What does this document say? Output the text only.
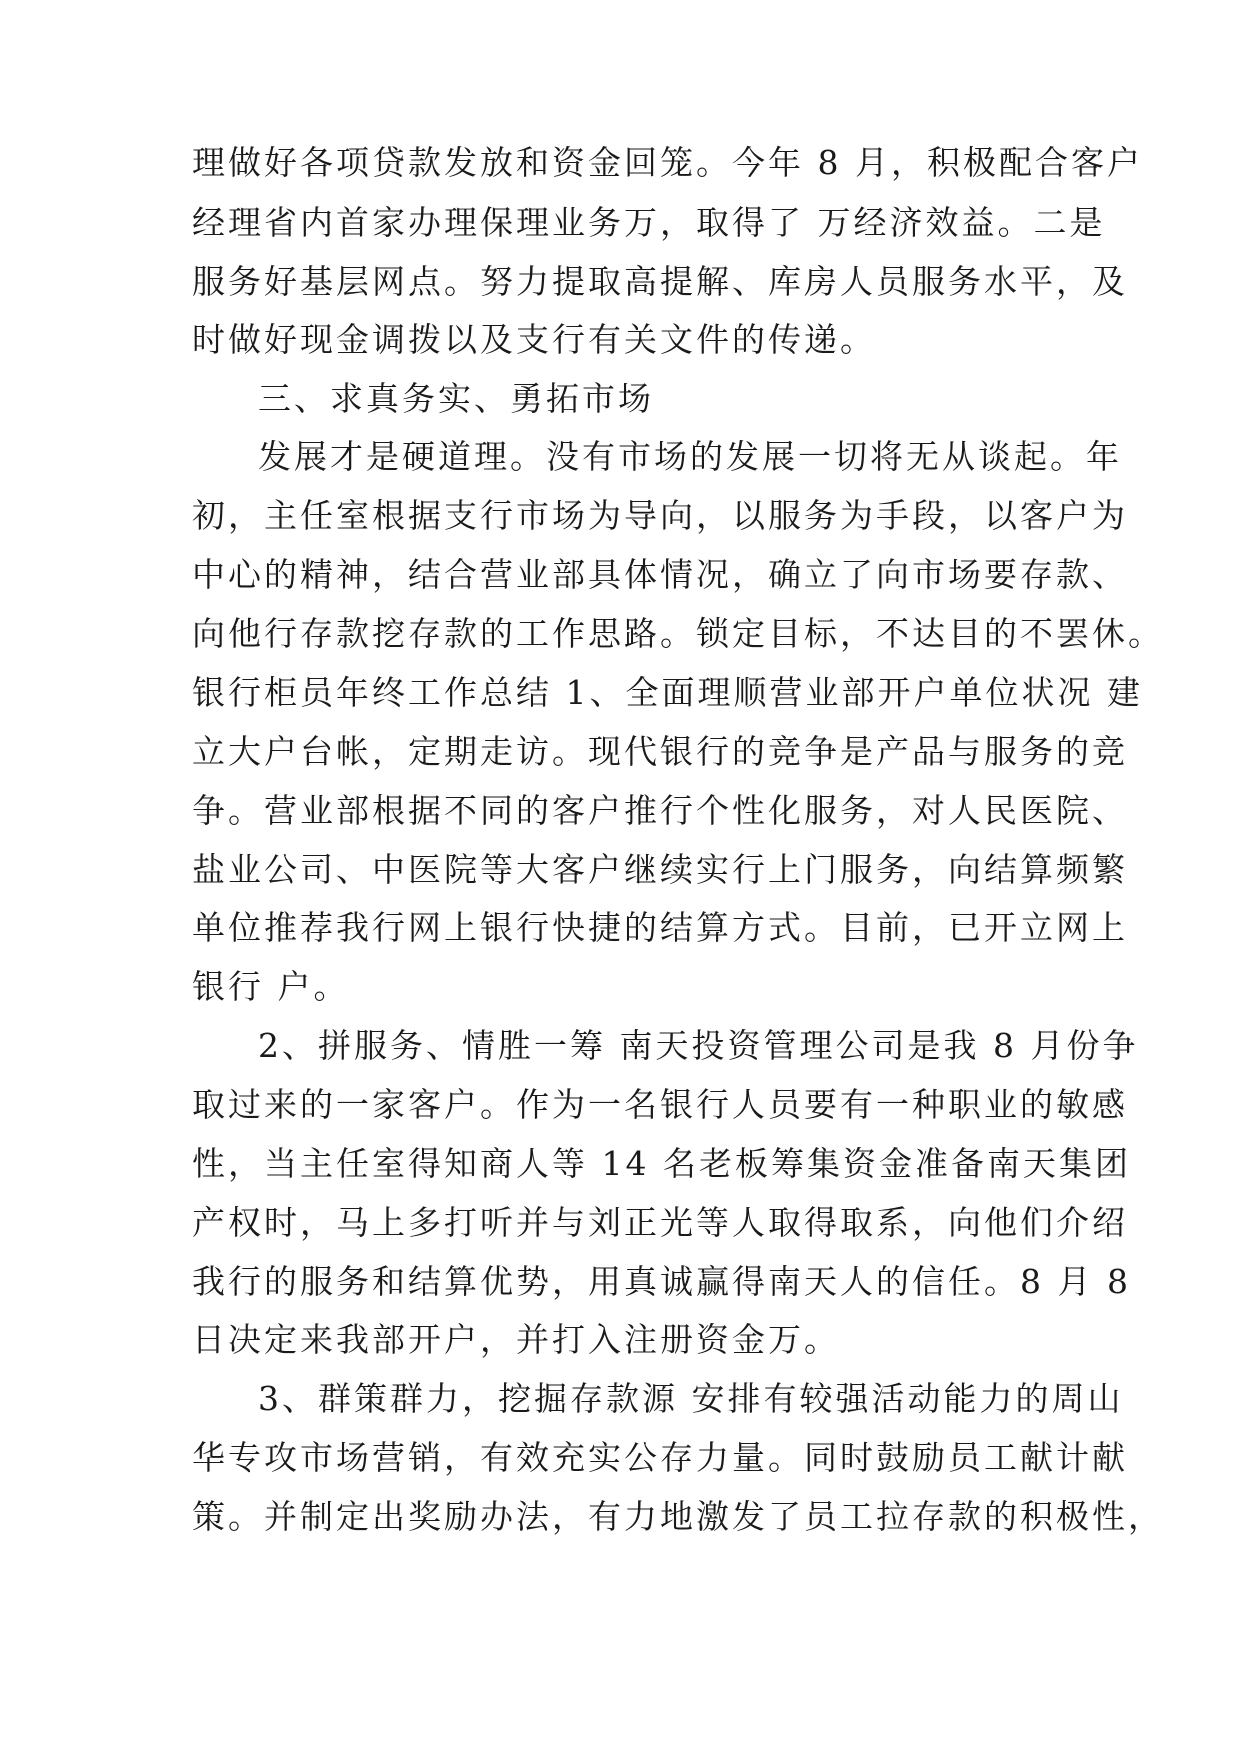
理做好各项贷款发放和资金回笼。今年 8 月，积极配合客户
经理省内首家办理保理业务万，取得了 万经济效益。二是
服务好基层网点。努力提取高提解、库房人员服务水平，及
时做好现金调拨以及支行有关文件的传递。
三、求真务实、勇拓市场
发展才是硬道理。没有市场的发展一切将无从谈起。年
初，主任室根据支行市场为导向，以服务为手段，以客户为
中心的精神，结合营业部具体情况，确立了向市场要存款、
向他行存款挖存款的工作思路。锁定目标，不达目的不罢休。
银行柜员年终工作总结 1、全面理顺营业部开户单位状况 建
立大户台帐，定期走访。现代银行的竞争是产品与服务的竞
争。营业部根据不同的客户推行个性化服务，对人民医院、
盐业公司、中医院等大客户继续实行上门服务，向结算频繁
单位推荐我行网上银行快捷的结算方式。目前，已开立网上
银行 户。
2、拼服务、情胜一筹 南天投资管理公司是我 8 月份争
取过来的一家客户。作为一名银行人员要有一种职业的敏感
性，当主任室得知商人等 14 名老板筹集资金准备南天集团
产权时，马上多打听并与刘正光等人取得取系，向他们介绍
我行的服务和结算优势，用真诚赢得南天人的信任。8 月 8
日决定来我部开户，并打入注册资金万。
3、群策群力，挖掘存款源 安排有较强活动能力的周山
华专攻市场营销，有效充实公存力量。同时鼓励员工献计献
策。并制定出奖励办法，有力地激发了员工拉存款的积极性，
